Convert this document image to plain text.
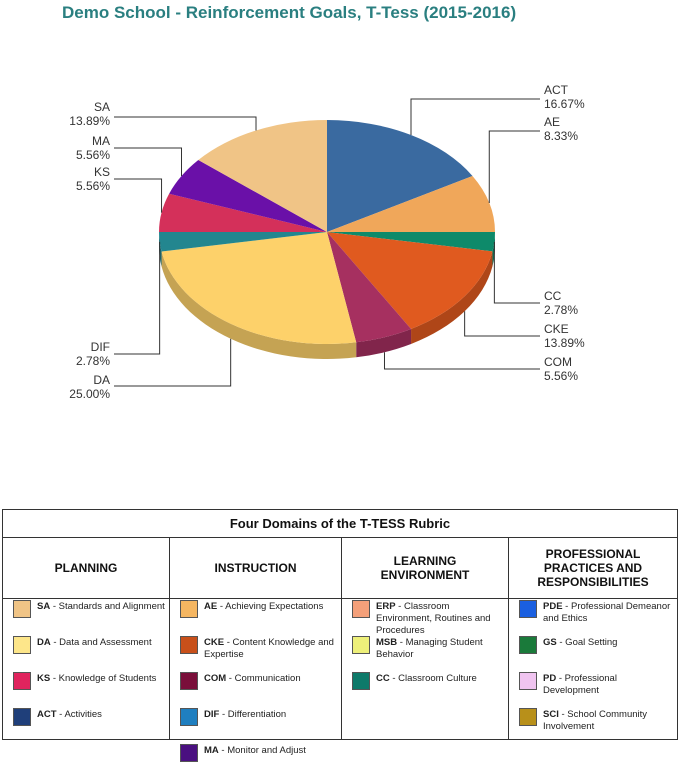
Demo School - Reinforcement Goals, T-Tess (2015-2016)
ACT
16.67%
AE
8.33%
CC
2.78%
CKE
13.89%
COM
5.56%
DA
25.00%
DIF
2.78%
KS
5.56%
MA
5.56%
SA
13.89%
Four Domains of the T-TESS Rubric
PLANNING
SA - Standards and Alignment
DA - Data and Assessment
KS - Knowledge of Students
ACT - Activities
INSTRUCTION
AE - Achieving Expectations
CKE - Content Knowledge and Expertise
COM - Communication
DIF - Differentiation
MA - Monitor and Adjust
LEARNING ENVIRONMENT
ERP - Classroom Environment, Routines and Procedures
MSB - Managing Student Behavior
CC - Classroom Culture
PROFESSIONAL PRACTICES AND RESPONSIBILITIES
PDE - Professional Demeanor and Ethics
GS - Goal Setting
PD - Professional Development
SCI - School Community Involvement
